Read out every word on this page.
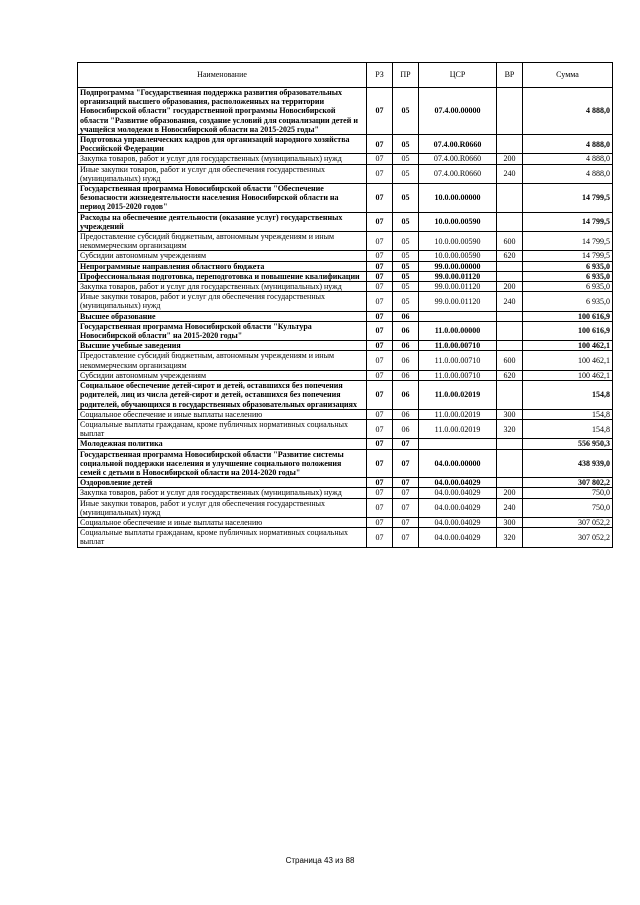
Наименование	РЗ	ПР	ЦСР	ВР	Сумма
Подпрограмма "Государственная поддержка развития образовательных организаций высшего образования, расположенных на территории Новосибирской области" государственной программы Новосибирской области "Развитие образования, создание условий для социализации детей и учащейся молодежи в Новосибирской области на 2015-2025 годы"	07	05	07.4.00.00000		4 888,0
Подготовка управленческих кадров для организаций народного хозяйства Российской Федерации	07	05	07.4.00.R0660		4 888,0
Закупка товаров, работ и услуг для государственных (муниципальных) нужд	07	05	07.4.00.R0660	200	4 888,0
Иные закупки товаров, работ и услуг для обеспечения государственных (муниципальных) нужд	07	05	07.4.00.R0660	240	4 888,0
Государственная программа Новосибирской области "Обеспечение безопасности жизнедеятельности населения Новосибирской области на период 2015-2020 годов"	07	05	10.0.00.00000		14 799,5
Расходы на обеспечение деятельности (оказание услуг) государственных учреждений	07	05	10.0.00.00590		14 799,5
Предоставление субсидий бюджетным, автономным учреждениям и иным некоммерческим организациям	07	05	10.0.00.00590	600	14 799,5
Субсидии автономным учреждениям	07	05	10.0.00.00590	620	14 799,5
Непрограммные направления областного бюджета	07	05	99.0.00.00000		6 935,0
Профессиональная подготовка, переподготовка и повышение квалификации	07	05	99.0.00.01120		6 935,0
Закупка товаров, работ и услуг для государственных (муниципальных) нужд	07	05	99.0.00.01120	200	6 935,0
Иные закупки товаров, работ и услуг для обеспечения государственных (муниципальных) нужд	07	05	99.0.00.01120	240	6 935,0
Высшее образование	07	06			100 616,9
Государственная программа Новосибирской области "Культура Новосибирской области" на 2015-2020 годы"	07	06	11.0.00.00000		100 616,9
Высшие учебные заведения	07	06	11.0.00.00710		100 462,1
Предоставление субсидий бюджетным, автономным учреждениям и иным некоммерческим организациям	07	06	11.0.00.00710	600	100 462,1
Субсидии автономным учреждениям	07	06	11.0.00.00710	620	100 462,1
Социальное обеспечение детей-сирот и детей, оставшихся без попечения родителей, лиц из числа детей-сирот и детей, оставшихся без попечения родителей, обучающихся в государственных образовательных организациях	07	06	11.0.00.02019		154,8
Социальное обеспечение и иные выплаты населению	07	06	11.0.00.02019	300	154,8
Социальные выплаты гражданам, кроме публичных нормативных социальных выплат	07	06	11.0.00.02019	320	154,8
Молодежная политика	07	07			556 950,3
Государственная программа Новосибирской области "Развитие системы социальной поддержки населения и улучшение социального положения семей с детьми в Новосибирской области на 2014-2020 годы"	07	07	04.0.00.00000		438 939,0
Оздоровление детей	07	07	04.0.00.04029		307 802,2
Закупка товаров, работ и услуг для государственных (муниципальных) нужд	07	07	04.0.00.04029	200	750,0
Иные закупки товаров, работ и услуг для обеспечения государственных (муниципальных) нужд	07	07	04.0.00.04029	240	750,0
Социальное обеспечение и иные выплаты населению	07	07	04.0.00.04029	300	307 052,2
Социальные выплаты гражданам, кроме публичных нормативных социальных выплат	07	07	04.0.00.04029	320	307 052,2
Страница 43 из 88
